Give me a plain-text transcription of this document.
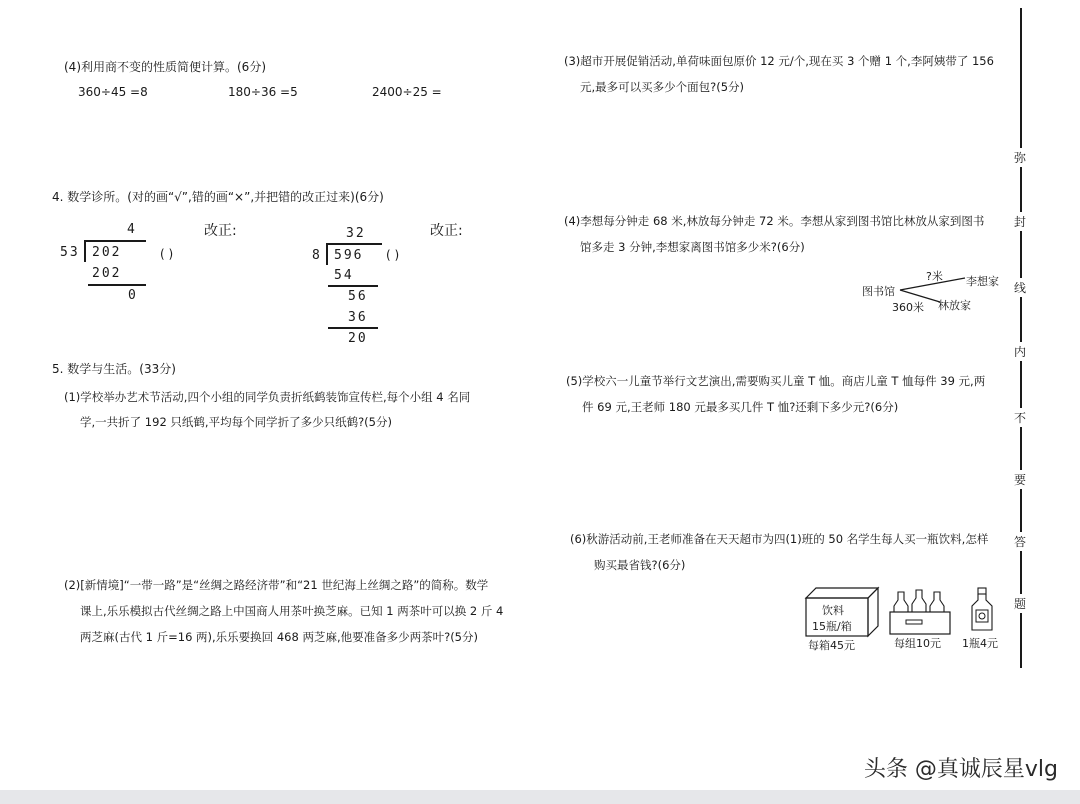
(4)利用商不变的性质简便计算。(6分)
360÷45 =8	180÷36 =5	2400÷25 =
4. 数学诊所。(对的画“√”,错的画“×”,并把错的改正过来)(6分)
4
53 202
202
0
( )
改正:	32
8 596
54
56
36
20
( )
改正:
5. 数学与生活。(33分)
(1)学校举办艺术节活动,四个小组的同学负责折纸鹤装饰宣传栏,每个小组 4 名同
学,一共折了 192 只纸鹤,平均每个同学折了多少只纸鹤?(5分)
(2)[新情境]“一带一路”是“丝绸之路经济带”和“21 世纪海上丝绸之路”的简称。数学
课上,乐乐模拟古代丝绸之路上中国商人用茶叶换芝麻。已知 1 两茶叶可以换 2 斤 4
两芝麻(古代 1 斤=16 两),乐乐要换回 468 两芝麻,他要准备多少两茶叶?(5分)
(3)超市开展促销活动,单荷味面包原价 12 元/个,现在买 3 个赠 1 个,李阿姨带了 156
元,最多可以买多少个面包?(5分)
(4)李想每分钟走 68 米,林放每分钟走 72 米。李想从家到图书馆比林放从家到图书
馆多走 3 分钟,李想家离图书馆多少米?(6分)
图书馆
?米 李想家
360米 林放家
(5)学校六一儿童节举行文艺演出,需要购买儿童 T 恤。商店儿童 T 恤每件 39 元,两
件 69 元,王老师 180 元最多买几件 T 恤?还剩下多少元?(6分)
(6)秋游活动前,王老师准备在天天超市为四(1)班的 50 名学生每人买一瓶饮料,怎样
购买最省钱?(6分)
饮料
15瓶/箱
每箱45元	每组10元 1瓶4元
弥
封
线
内
不
要
答
题
头条 @真诚辰星vlg
